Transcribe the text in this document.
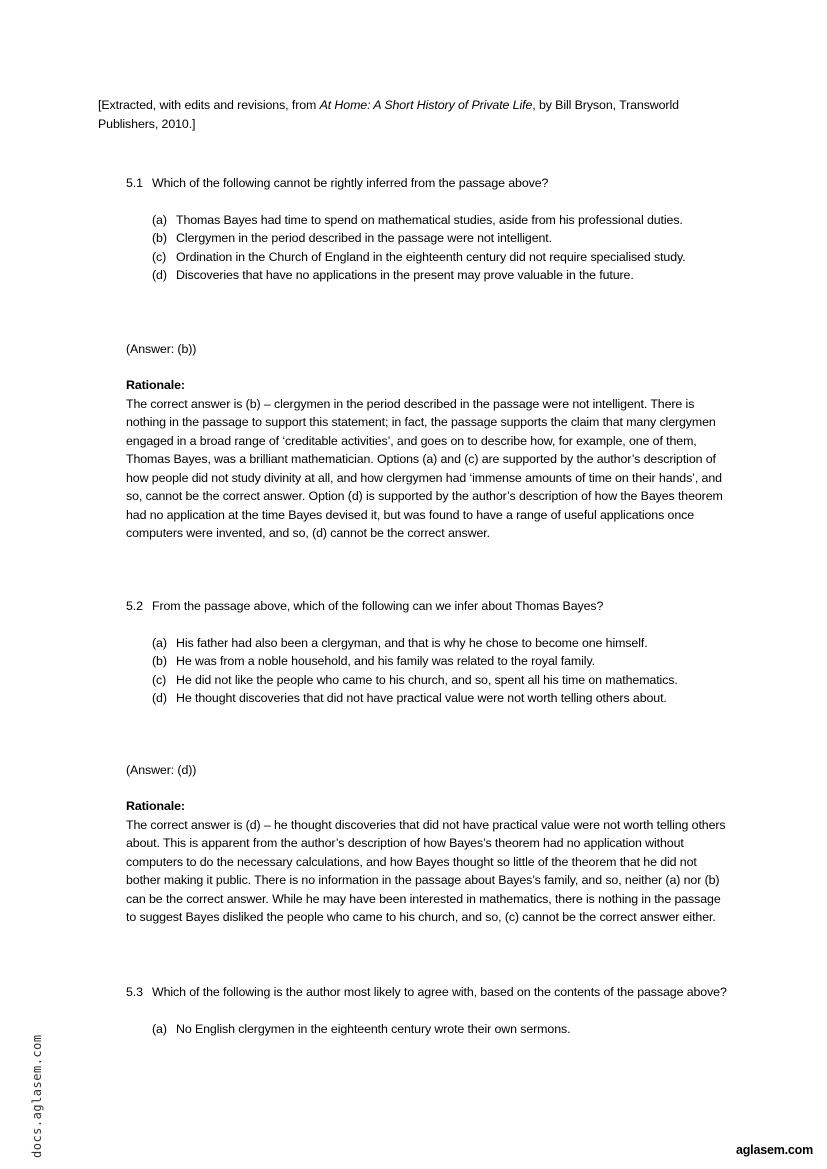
[Extracted, with edits and revisions, from At Home: A Short History of Private Life, by Bill Bryson, Transworld Publishers, 2010.]
5.1 Which of the following cannot be rightly inferred from the passage above?
(a) Thomas Bayes had time to spend on mathematical studies, aside from his professional duties.
(b) Clergymen in the period described in the passage were not intelligent.
(c) Ordination in the Church of England in the eighteenth century did not require specialised study.
(d) Discoveries that have no applications in the present may prove valuable in the future.
(Answer: (b))
Rationale:
The correct answer is (b) – clergymen in the period described in the passage were not intelligent. There is nothing in the passage to support this statement; in fact, the passage supports the claim that many clergymen engaged in a broad range of ‘creditable activities’, and goes on to describe how, for example, one of them, Thomas Bayes, was a brilliant mathematician. Options (a) and (c) are supported by the author’s description of how people did not study divinity at all, and how clergymen had ‘immense amounts of time on their hands’, and so, cannot be the correct answer. Option (d) is supported by the author’s description of how the Bayes theorem had no application at the time Bayes devised it, but was found to have a range of useful applications once computers were invented, and so, (d) cannot be the correct answer.
5.2 From the passage above, which of the following can we infer about Thomas Bayes?
(a) His father had also been a clergyman, and that is why he chose to become one himself.
(b) He was from a noble household, and his family was related to the royal family.
(c) He did not like the people who came to his church, and so, spent all his time on mathematics.
(d) He thought discoveries that did not have practical value were not worth telling others about.
(Answer: (d))
Rationale:
The correct answer is (d) – he thought discoveries that did not have practical value were not worth telling others about. This is apparent from the author’s description of how Bayes’s theorem had no application without computers to do the necessary calculations, and how Bayes thought so little of the theorem that he did not bother making it public. There is no information in the passage about Bayes’s family, and so, neither (a) nor (b) can be the correct answer. While he may have been interested in mathematics, there is nothing in the passage to suggest Bayes disliked the people who came to his church, and so, (c) cannot be the correct answer either.
5.3 Which of the following is the author most likely to agree with, based on the contents of the passage above?
(a) No English clergymen in the eighteenth century wrote their own sermons.
docs.aglasem.com	aglasem.com
